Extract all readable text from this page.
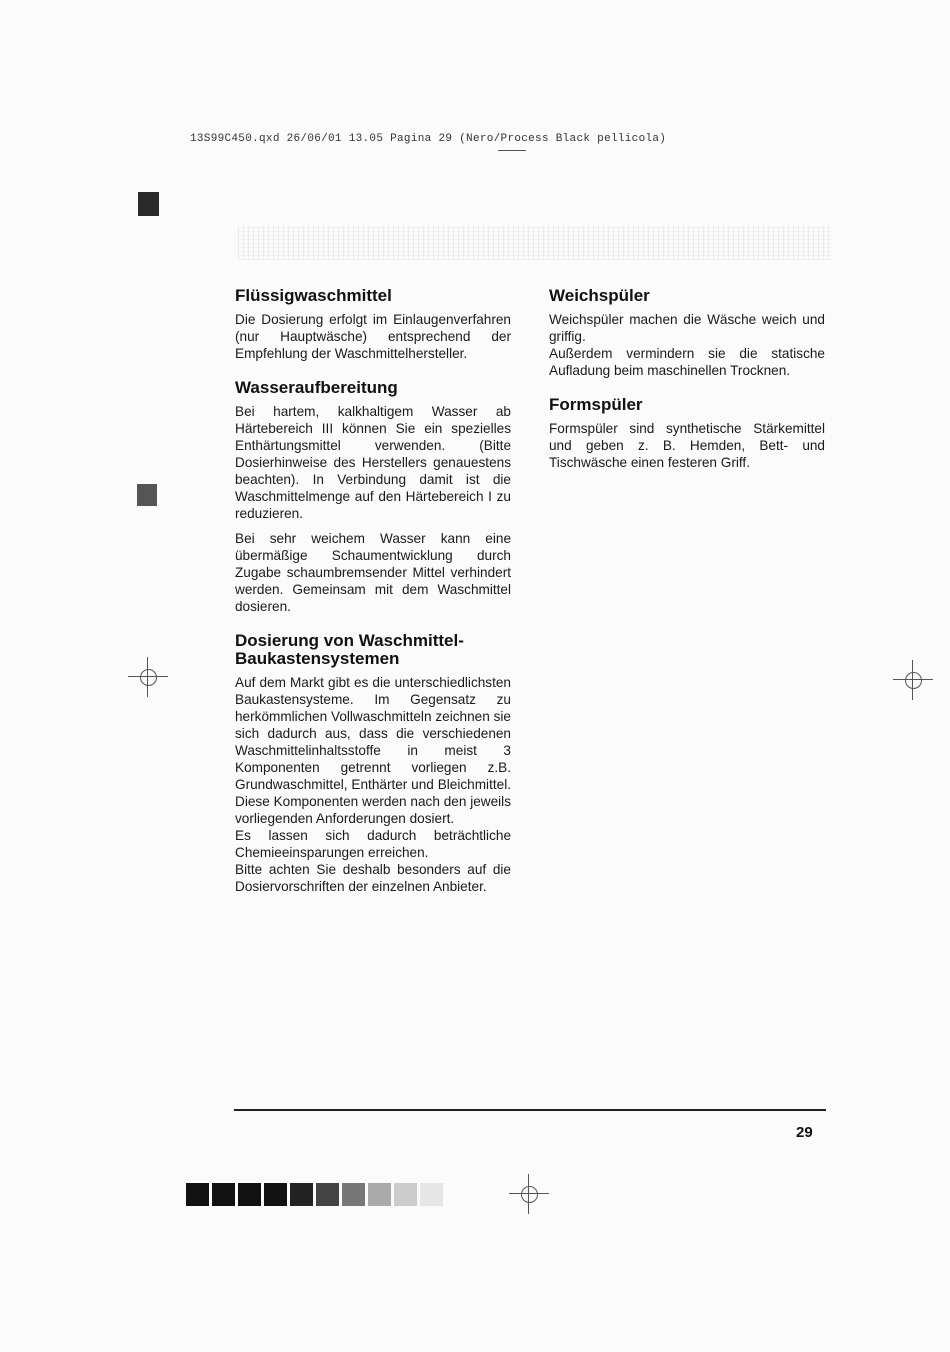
13S99C450.qxd 26/06/01 13.05 Pagina 29 (Nero/Process Black pellicola)
Flüssigwaschmittel

Die Dosierung erfolgt im Einlaugenverfahren (nur Hauptwäsche) entsprechend der Empfehlung der Waschmittelhersteller.

Wasseraufbereitung

Bei hartem, kalkhaltigem Wasser ab Härtebereich III können Sie ein spezielles Enthärtungsmittel verwenden. (Bitte Dosierhinweise des Herstellers genauestens beachten). In Verbindung damit ist die Waschmittelmenge auf den Härtebereich I zu reduzieren.

Bei sehr weichem Wasser kann eine übermäßige Schaumentwicklung durch Zugabe schaumbremsender Mittel verhindert werden. Gemeinsam mit dem Waschmittel dosieren.

Dosierung von Waschmittel-Baukastensystemen

Auf dem Markt gibt es die unterschiedlichsten Baukastensysteme. Im Gegensatz zu herkömmlichen Vollwaschmitteln zeichnen sie sich dadurch aus, dass die verschiedenen Waschmittelinhaltsstoffe in meist 3 Komponenten getrennt vorliegen z.B. Grundwaschmittel, Enthärter und Bleichmittel. Diese Komponenten werden nach den jeweils vorliegenden Anforderungen dosiert.

Es lassen sich dadurch beträchtliche Chemieeinsparungen erreichen.

Bitte achten Sie deshalb besonders auf die Dosiervorschriften der einzelnen Anbieter.

Weichspüler

Weichspüler machen die Wäsche weich und griffig.

Außerdem vermindern sie die statische Aufladung beim maschinellen Trocknen.

Formspüler

Formspüler sind synthetische Stärkemittel und geben z. B. Hemden, Bett- und Tischwäsche einen festeren Griff.

29
